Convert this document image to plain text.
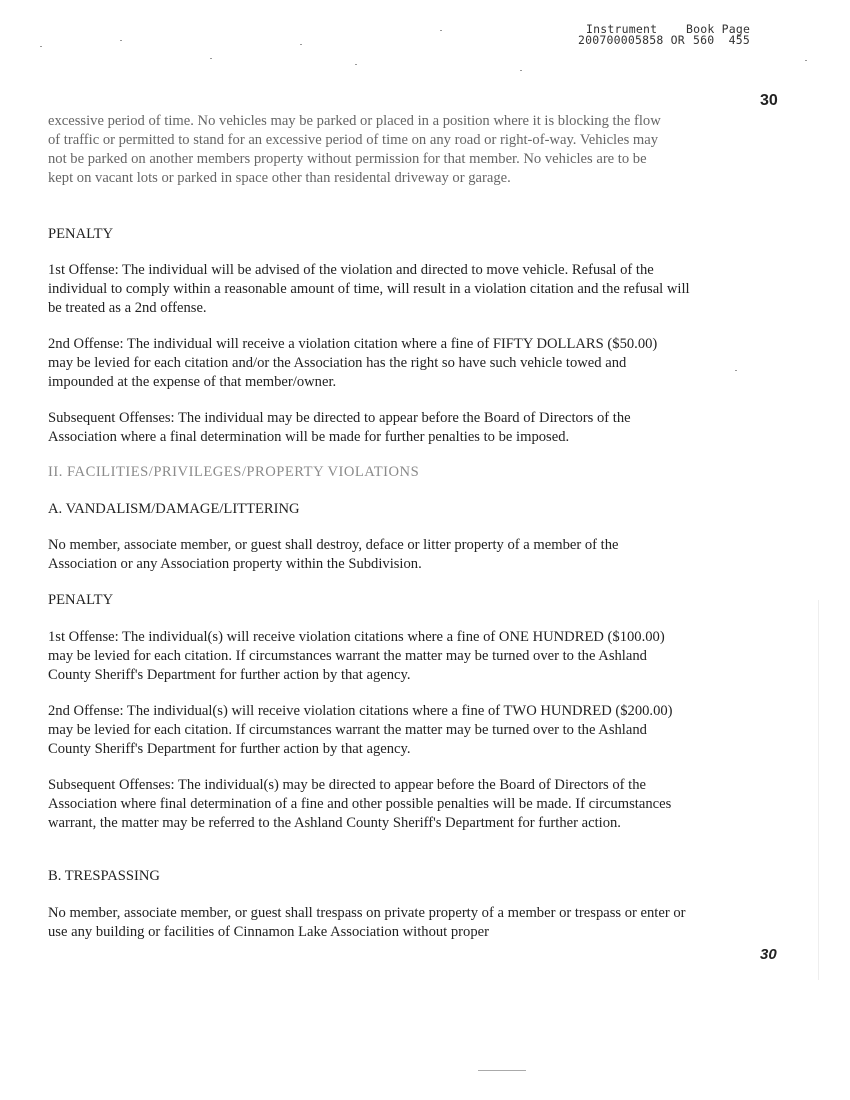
Instrument
200700005858 OR
Book Page
560 455
30

excessive period of time. No vehicles may be parked or placed in a position where it is blocking the flow of traffic or permitted to stand for an excessive period of time on any road or right-of-way. Vehicles may not be parked on another members property without permission for that member. No vehicles are to be kept on vacant lots or parked in space other than residental driveway or garage.

PENALTY

1st Offense: The individual will be advised of the violation and directed to move vehicle. Refusal of the individual to comply within a reasonable amount of time, will result in a violation citation and the refusal will be treated as a 2nd offense.

2nd Offense: The individual will receive a violation citation where a fine of FIFTY DOLLARS ($50.00) may be levied for each citation and/or the Association has the right so have such vehicle towed and impounded at the expense of that member/owner.

Subsequent Offenses: The individual may be directed to appear before the Board of Directors of the Association where a final determination will be made for further penalties to be imposed.

II. FACILITIES/PRIVILEGES/PROPERTY VIOLATIONS

A. VANDALISM/DAMAGE/LITTERING

No member, associate member, or guest shall destroy, deface or litter property of a member of the Association or any Association property within the Subdivision.

PENALTY

1st Offense: The individual(s) will receive violation citations where a fine of ONE HUNDRED ($100.00) may be levied for each citation. If circumstances warrant the matter may be turned over to the Ashland County Sheriff's Department for further action by that agency.

2nd Offense: The individual(s) will receive violation citations where a fine of TWO HUNDRED ($200.00) may be levied for each citation. If circumstances warrant the matter may be turned over to the Ashland County Sheriff's Department for further action by that agency.

Subsequent Offenses: The individual(s) may be directed to appear before the Board of Directors of the Association where final determination of a fine and other possible penalties will be made. If circumstances warrant, the matter may be referred to the Ashland County Sheriff's Department for further action.

B. TRESPASSING

No member, associate member, or guest shall trespass on private property of a member or trespass or enter or use any building or facilities of Cinnamon Lake Association without proper

30
